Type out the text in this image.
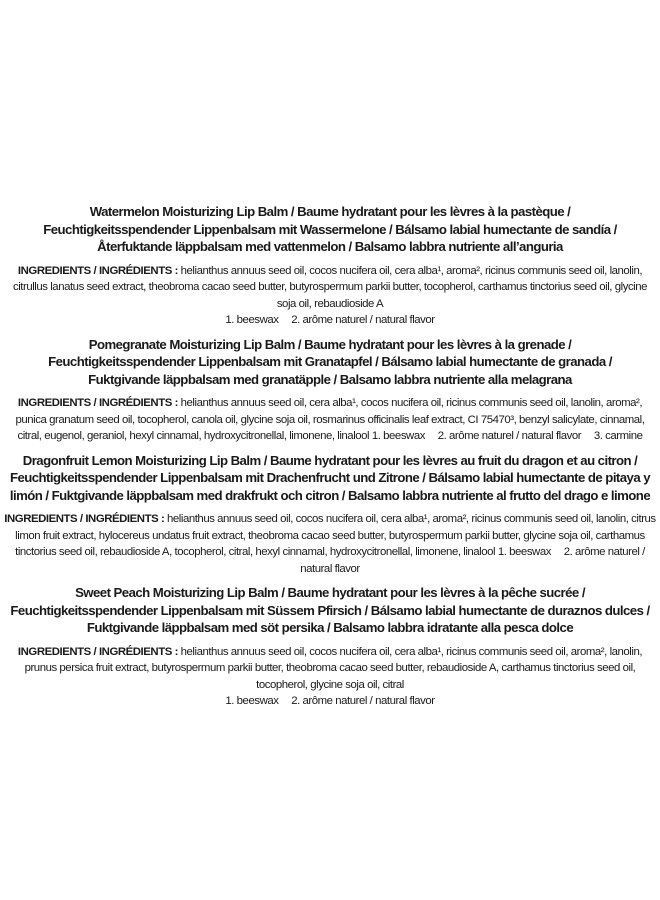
Watermelon Moisturizing Lip Balm / Baume hydratant pour les lèvres à la pastèque /
Feuchtigkeitsspendender Lippenbalsam mit Wassermelone / Bálsamo labial humectante de sandía /
Återfuktande läppbalsam med vattenmelon / Balsamo labbra nutriente all’anguria
INGREDIENTS / INGRÉDIENTS : helianthus annuus seed oil, cocos nucifera oil, cera alba¹, aroma², ricinus communis seed oil, lanolin, citrullus lanatus seed extract, theobroma cacao seed butter, butyrospermum parkii butter, tocopherol, carthamus tinctorius seed oil, glycine soja oil, rebaudioside A
1. beeswax 2. arôme naturel / natural flavor
Pomegranate Moisturizing Lip Balm / Baume hydratant pour les lèvres à la grenade /
Feuchtigkeitsspendender Lippenbalsam mit Granatapfel / Bálsamo labial humectante de granada /
Fuktgivande läppbalsam med granatäpple / Balsamo labbra nutriente alla melagrana
INGREDIENTS / INGRÉDIENTS : helianthus annuus seed oil, cera alba¹, cocos nucifera oil, ricinus communis seed oil, lanolin, aroma², punica granatum seed oil, tocopherol, canola oil, glycine soja oil, rosmarinus officinalis leaf extract, CI 75470³, benzyl salicylate, cinnamal, citral, eugenol, geraniol, hexyl cinnamal, hydroxycitronellal, limonene, linalool 1. beeswax 2. arôme naturel / natural flavor 3. carmine
Dragonfruit Lemon Moisturizing Lip Balm / Baume hydratant pour les lèvres au fruit du dragon et au citron /
Feuchtigkeitsspendender Lippenbalsam mit Drachenfrucht und Zitrone / Bálsamo labial humectante de pitaya y
limón / Fuktgivande läppbalsam med drakfrukt och citron / Balsamo labbra nutriente al frutto del drago e limone
INGREDIENTS / INGRÉDIENTS : helianthus annuus seed oil, cocos nucifera oil, cera alba¹, aroma², ricinus communis seed oil, lanolin, citrus limon fruit extract, hylocereus undatus fruit extract, theobroma cacao seed butter, butyrospermum parkii butter, glycine soja oil, carthamus tinctorius seed oil, rebaudioside A, tocopherol, citral, hexyl cinnamal, hydroxycitronellal, limonene, linalool 1. beeswax 2. arôme naturel / natural flavor
Sweet Peach Moisturizing Lip Balm / Baume hydratant pour les lèvres à la pêche sucrée /
Feuchtigkeitsspendender Lippenbalsam mit Süssem Pfirsich / Bálsamo labial humectante de duraznos dulces /
Fuktgivande läppbalsam med söt persika / Balsamo labbra idratante alla pesca dolce
INGREDIENTS / INGRÉDIENTS : helianthus annuus seed oil, cocos nucifera oil, cera alba¹, ricinus communis seed oil, aroma², lanolin, prunus persica fruit extract, butyrospermum parkii butter, theobroma cacao seed butter, rebaudioside A, carthamus tinctorius seed oil, tocopherol, glycine soja oil, citral
1. beeswax 2. arôme naturel / natural flavor
